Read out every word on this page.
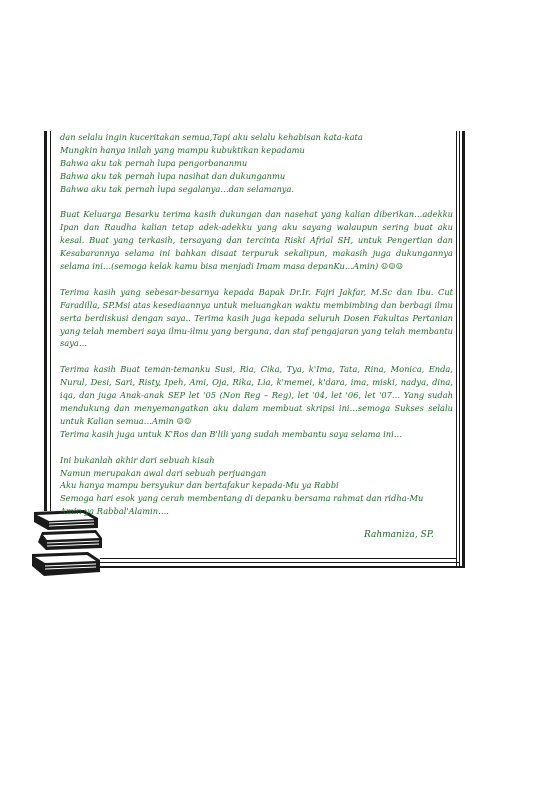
dan selalu ingin kuceritakan semua,Tapi aku selalu kehabisan kata-kata
Mungkin hanya inilah yang mampu kubuktikan kepadamu
Bahwa aku tak pernah lupa pengorbananmu
Bahwa aku tak pernah lupa nasihat dan dukunganmu
Bahwa aku tak pernah lupa segalanya…dan selamanya.

Buat Keluarga Besarku terima kasih dukungan dan nasehat yang kalian diberikan…adekku Ipan dan Raudha kalian tetap adek-adekku yang aku sayang walaupun sering buat aku kesal. Buat yang terkasih, tersayang dan tercinta Riski Afrial SH, untuk Pengertian dan Kesabarannya selama ini bahkan disaat terpuruk sekalipun, makasih juga dukungannya selama ini…(semoga kelak kamu bisa menjadi Imam masa depanKu…Amin) ☺☺☺

Terima kasih yang sebesar-besarnya kepada Bapak Dr.Ir. Fajri Jakfar, M.Sc dan Ibu. Cut Faradilla, SP.Msi atas kesediaannya untuk meluangkan waktu membimbing dan berbagi ilmu serta berdiskusi dengan saya.. Terima kasih juga kepada seluruh Dosen Fakultas Pertanian yang telah memberi saya ilmu-ilmu yang berguna, dan staf pengajaran yang telah membantu saya…

Terima kasih Buat teman-temanku Susi, Ria, Cika, Tya, k'Ima, Tata, Rina, Monica, Enda, Nurul, Desi, Sari, Risty, Ipeh, Ami, Oja, Rika, Lia, k'memei, k'dara, ima, miski, nadya, dina, iqa, dan juga Anak-anak SEP let '05 (Non Reg – Reg), let '04, let '06, let '07… Yang sudah mendukung dan menyemangatkan aku dalam membuat skripsi ini…semoga Sukses selalu untuk Kalian semua…Amin ☺☺
Terima kasih juga untuk K'Ros dan B'lili yang sudah membantu saya selama ini…

Ini bukanlah akhir dari sebuah kisah
Namun merupakan awal dari sebuah perjuangan
Aku hanya mampu bersyukur dan bertafakur kepada-Mu ya Rabbi
Semoga hari esok yang cerah membentang di depanku bersama rahmat dan ridha-Mu
Amin ya Rabbal'Alamin….

Rahmaniza, SP.
